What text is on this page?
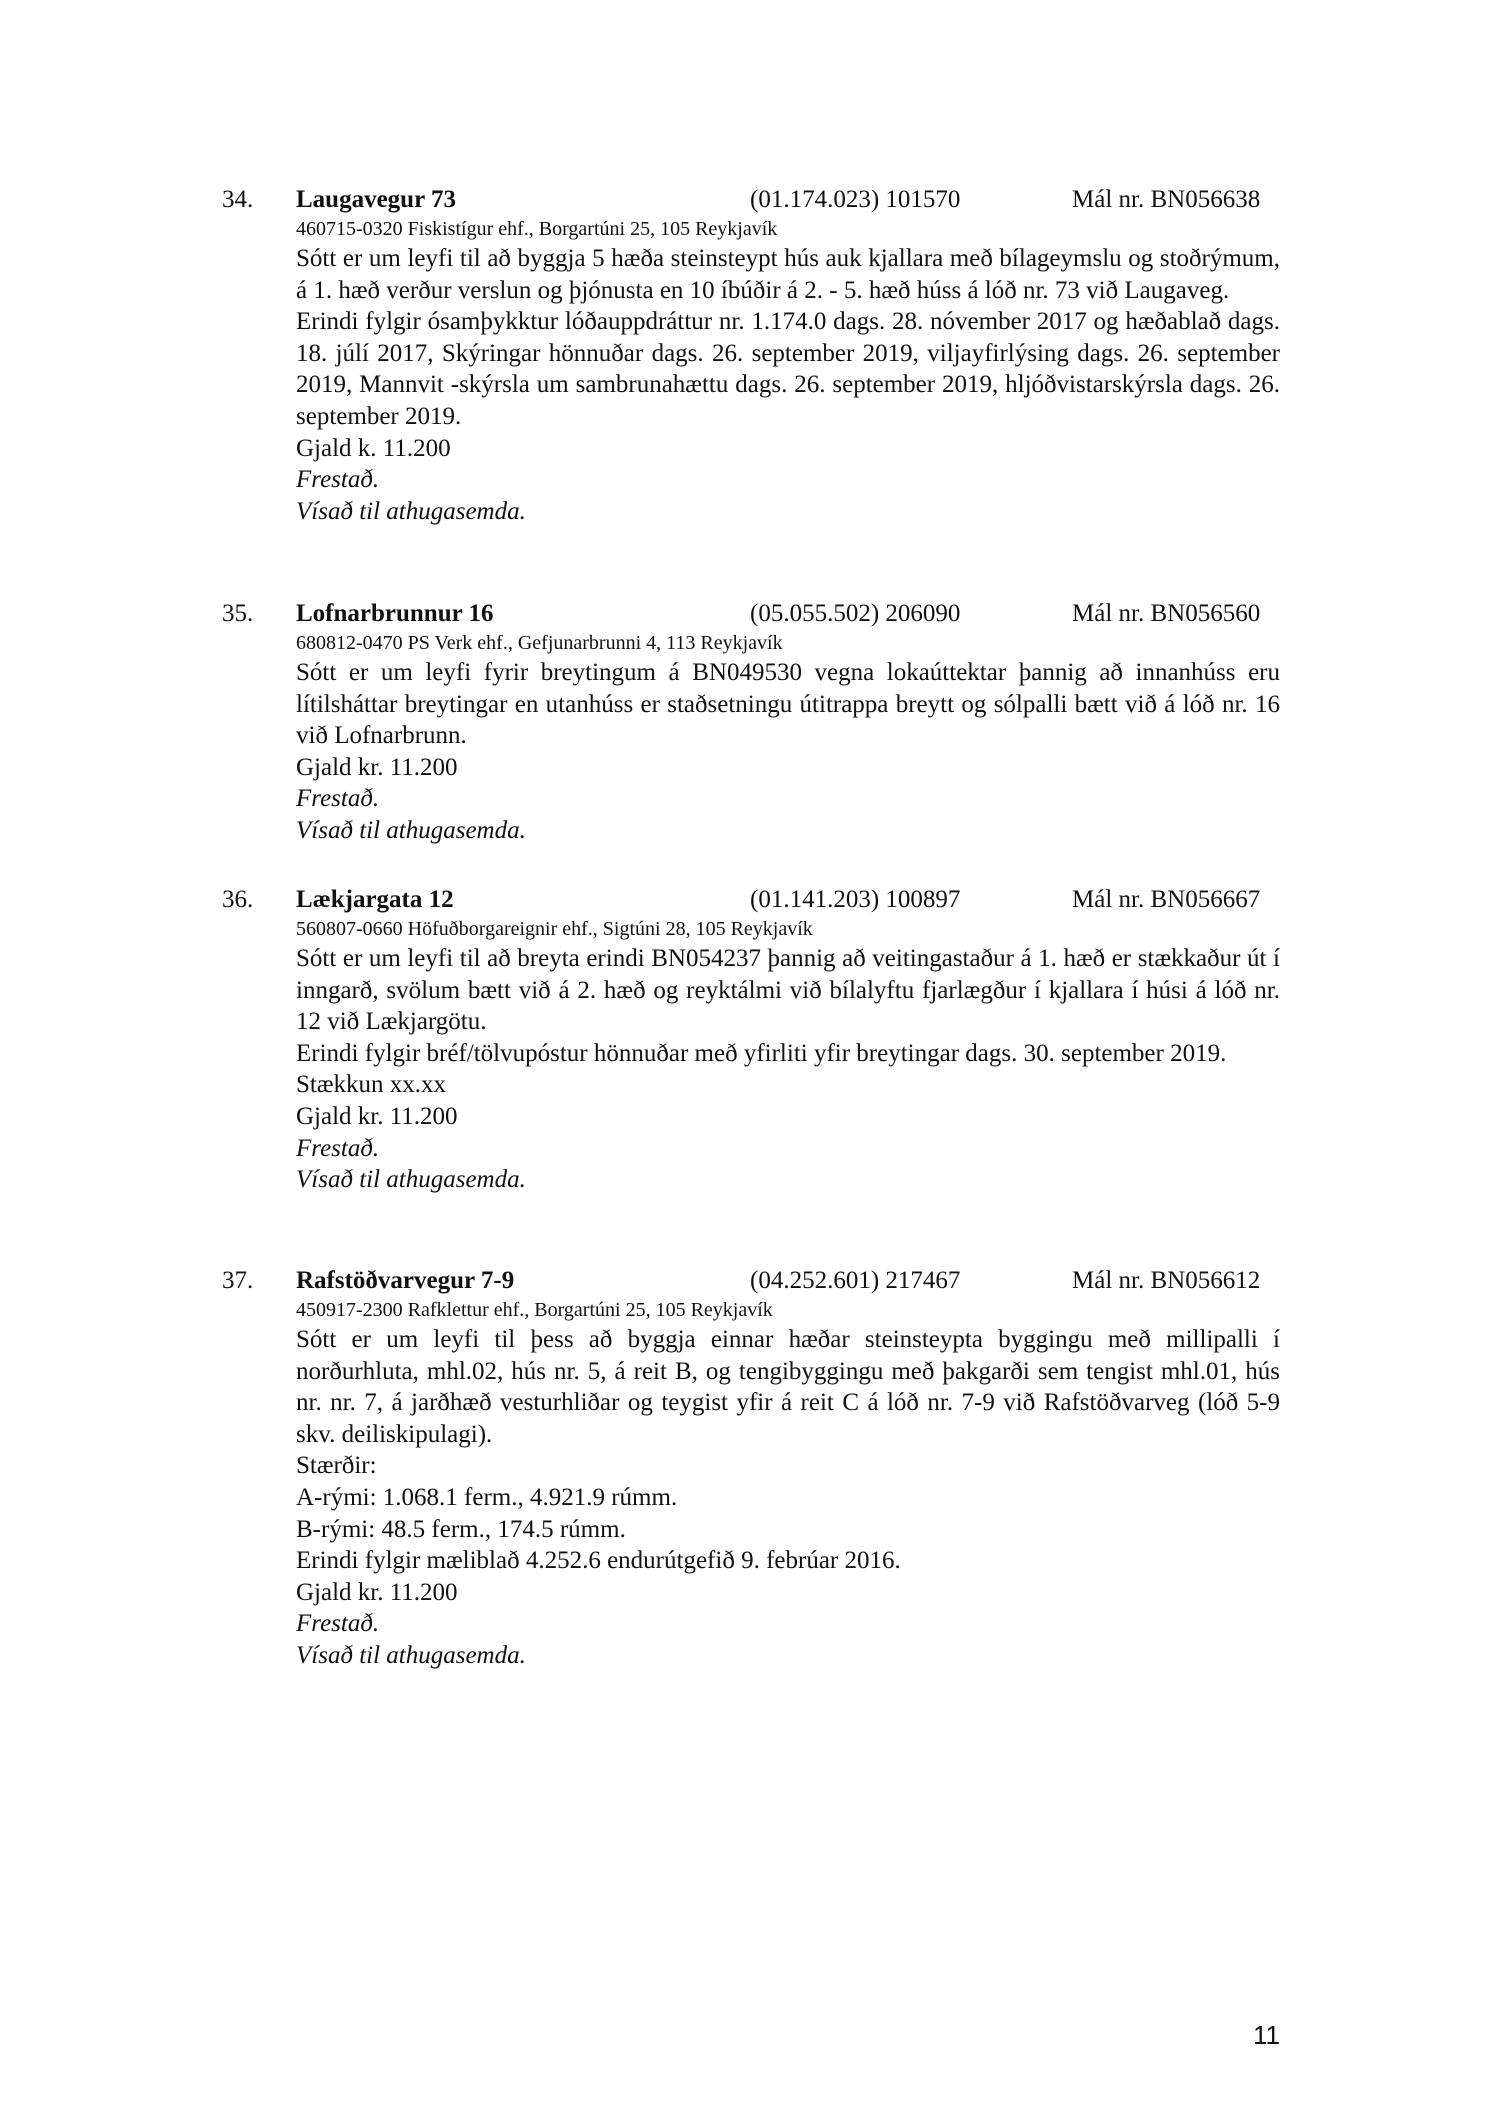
34. Laugavegur 73	(01.174.023) 101570	Mál nr. BN056638
460715-0320 Fiskistígur ehf., Borgartúni 25, 105 Reykjavík

Sótt er um leyfi til að byggja 5 hæða steinsteypt hús auk kjallara með bílageymslu og stoðrýmum, á 1. hæð verður verslun og þjónusta en 10 íbúðir á 2. - 5. hæð húss á lóð nr. 73 við Laugaveg.

Erindi fylgir ósamþykktur lóðauppdráttur nr. 1.174.0 dags. 28. nóvember 2017 og hæðablað dags. 18. júlí 2017, Skýringar hönnuðar dags. 26. september 2019, viljayfirlýsing dags. 26. september 2019, Mannvit -skýrsla um sambrunahættu dags. 26. september 2019, hljóðvistarskýrsla dags. 26. september 2019.

Gjald k. 11.200

Frestað.

Vísað til athugasemda.

35. Lofnarbrunnur 16	(05.055.502) 206090	Mál nr. BN056560
680812-0470 PS Verk ehf., Gefjunarbrunni 4, 113 Reykjavík

Sótt er um leyfi fyrir breytingum á BN049530 vegna lokaúttektar þannig að innanhúss eru lítilsháttar breytingar en utanhúss er staðsetningu útitrappa breytt og sólpalli bætt við á lóð nr. 16 við Lofnarbrunn.

Gjald kr. 11.200

Frestað.

Vísað til athugasemda.

36. Lækjargata 12	(01.141.203) 100897	Mál nr. BN056667
560807-0660 Höfuðborgareignir ehf., Sigtúni 28, 105 Reykjavík

Sótt er um leyfi til að breyta erindi BN054237 þannig að veitingastaður á 1. hæð er stækkaður út í inngarð, svölum bætt við á 2. hæð og reyktálmi við bílalyftu fjarlægður í kjallara í húsi á lóð nr. 12 við Lækjargötu.

Erindi fylgir bréf/tölvupóstur hönnuðar með yfirliti yfir breytingar dags. 30. september 2019.

Stækkun xx.xx

Gjald kr. 11.200

Frestað.

Vísað til athugasemda.

37. Rafstöðvarvegur 7-9	(04.252.601) 217467	Mál nr. BN056612
450917-2300 Rafklettur ehf., Borgartúni 25, 105 Reykjavík

Sótt er um leyfi til þess að byggja einnar hæðar steinsteypta byggingu með millipalli í norðurhluta, mhl.02, hús nr. 5, á reit B, og tengibyggingu með þakgarði sem tengist mhl.01, hús nr. nr. 7, á jarðhæð vesturhliðar og teygist yfir á reit C á lóð nr. 7-9 við Rafstöðvarveg (lóð 5-9 skv. deiliskipulagi).

Stærðir:

A-rými: 1.068.1 ferm., 4.921.9 rúmm.

B-rými: 48.5 ferm., 174.5 rúmm.

Erindi fylgir mæliblað 4.252.6 endurútgefið 9. febrúar 2016.

Gjald kr. 11.200

Frestað.

Vísað til athugasemda.

11
